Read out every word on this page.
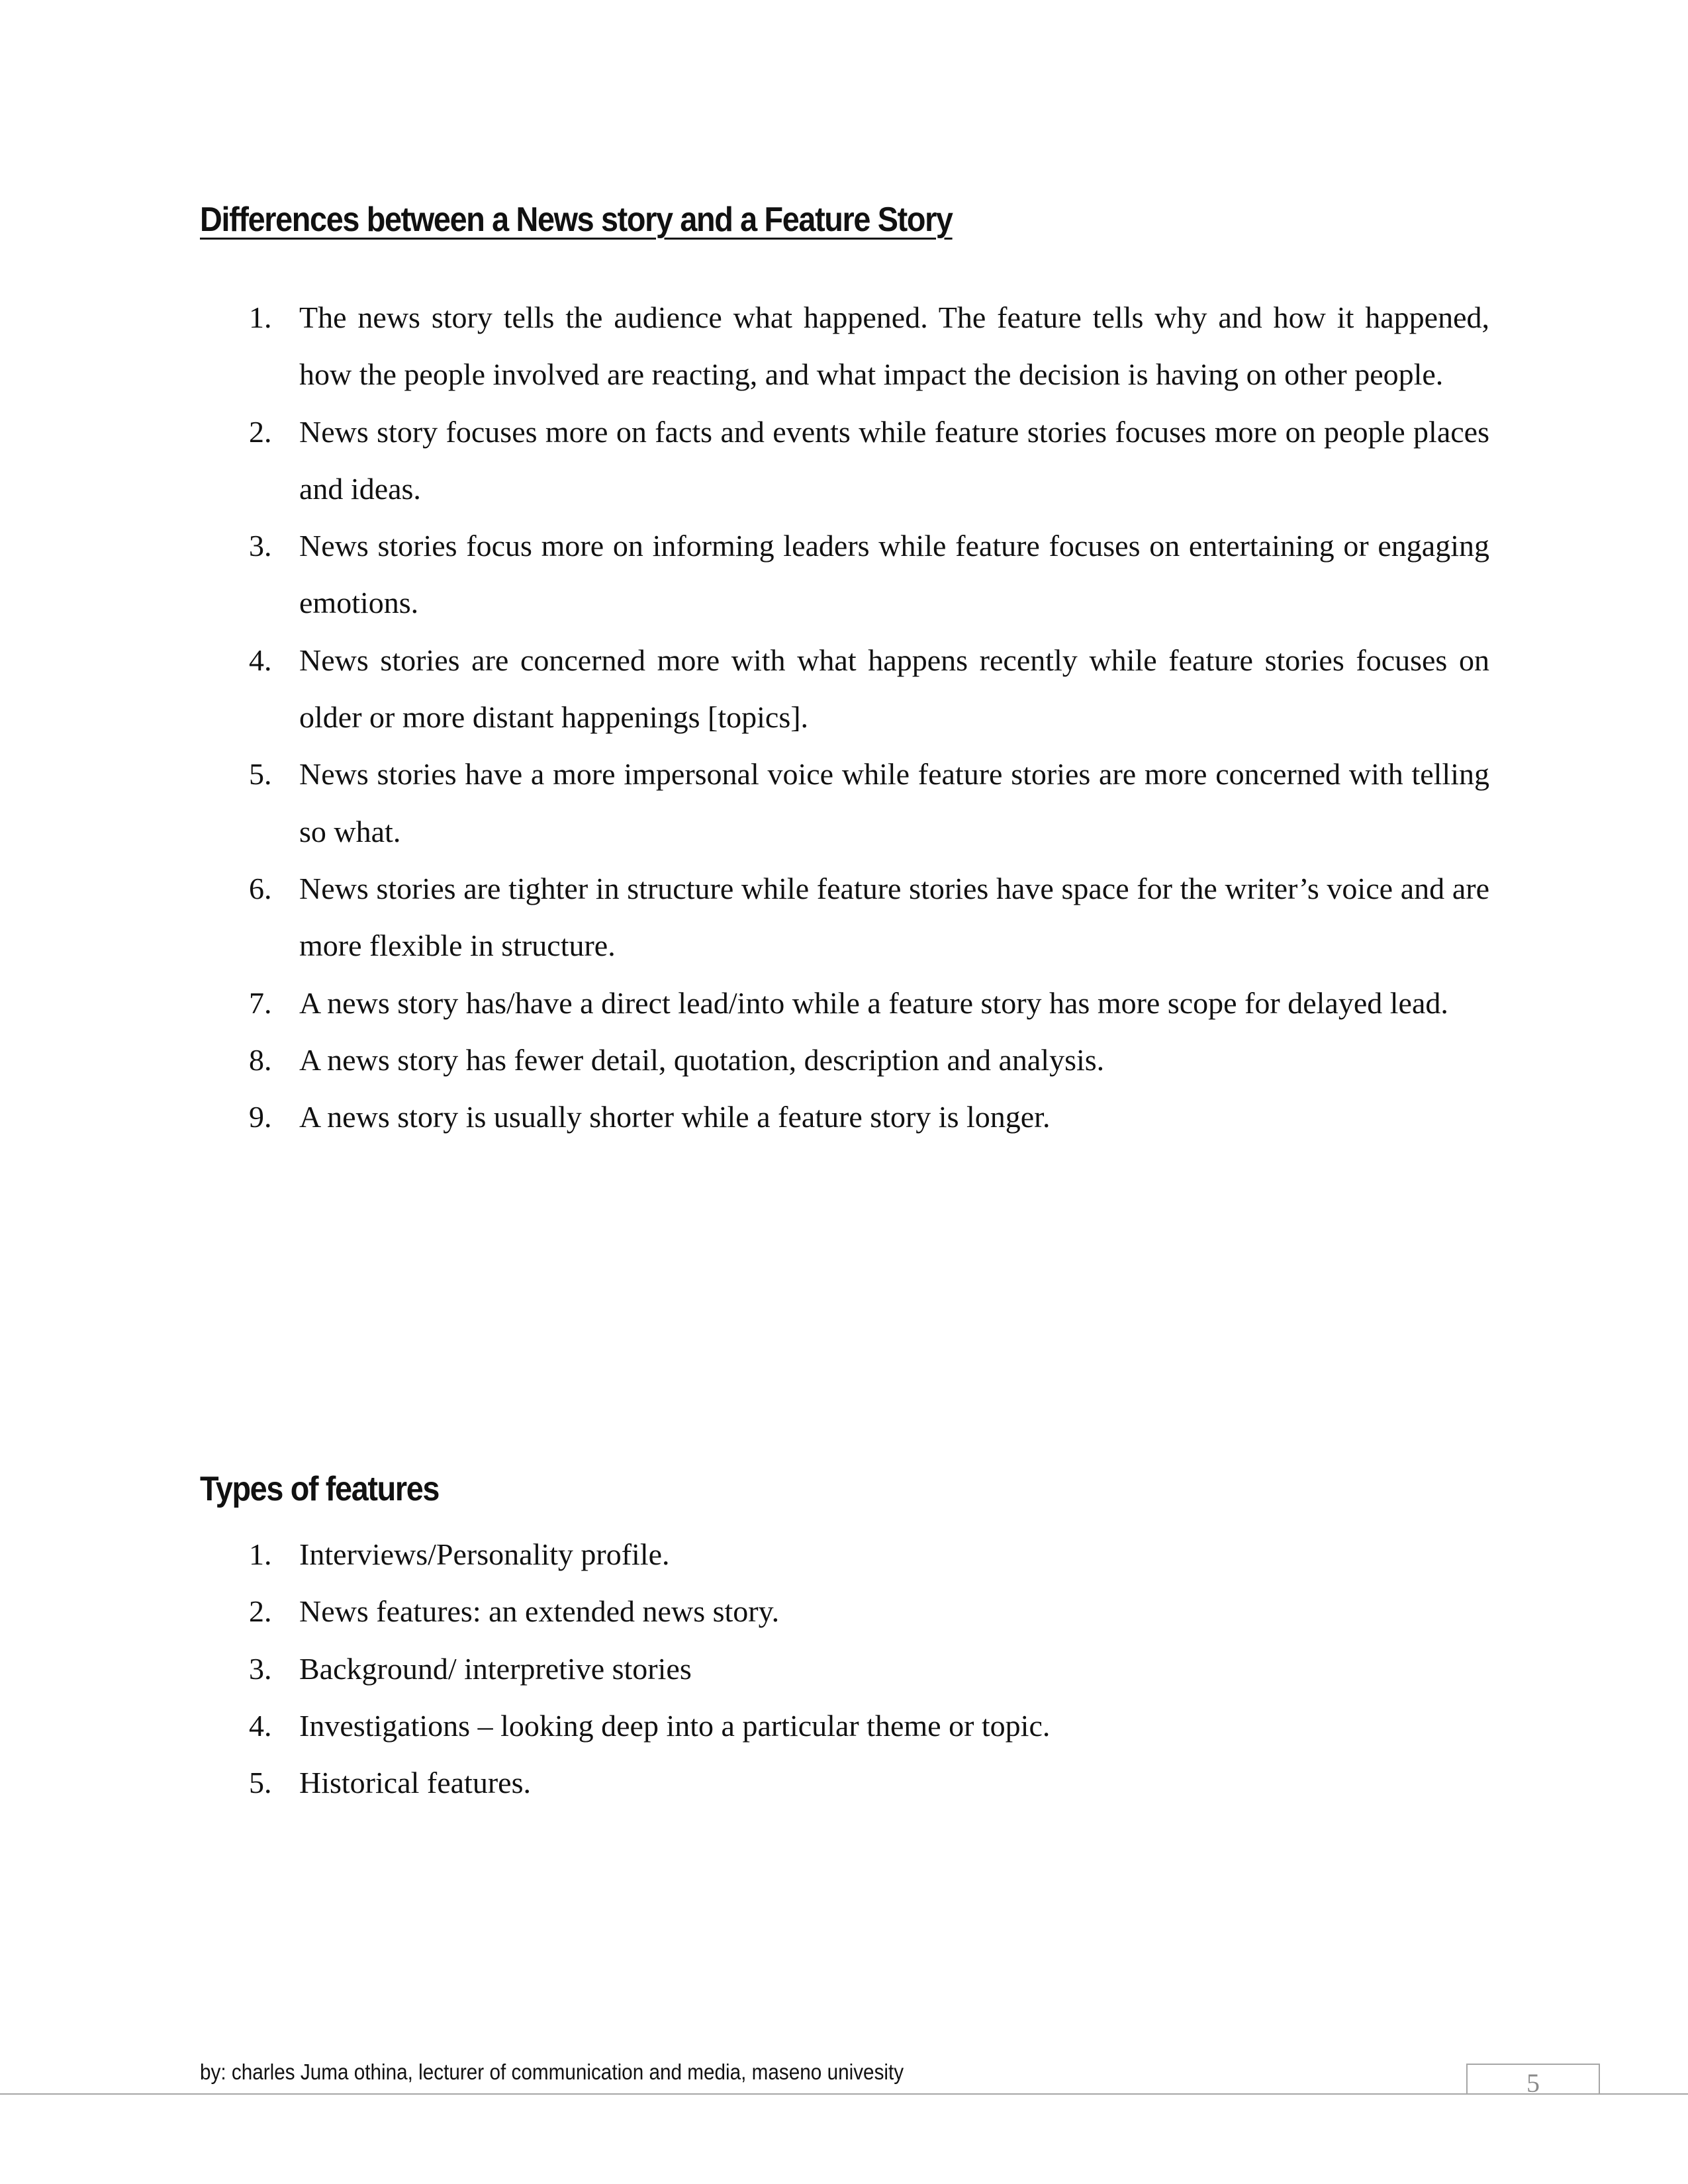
Differences between a News story and a Feature Story
1. The news story tells the audience what happened. The feature tells why and how it happened, how the people involved are reacting, and what impact the decision is having on other people.
2. News story focuses more on facts and events while feature stories focuses more on people places and ideas.
3. News stories focus more on informing leaders while feature focuses on entertaining or engaging emotions.
4. News stories are concerned more with what happens recently while feature stories focuses on older or more distant happenings [topics].
5. News stories have a more impersonal voice while feature stories are more concerned with telling so what.
6. News stories are tighter in structure while feature stories have space for the writer’s voice and are more flexible in structure.
7. A news story has/have a direct lead/into while a feature story has more scope for delayed lead.
8. A news story has fewer detail, quotation, description and analysis.
9. A news story is usually shorter while a feature story is longer.
Types of features
1. Interviews/Personality profile.
2. News features: an extended news story.
3. Background/ interpretive stories
4. Investigations – looking deep into a particular theme or topic.
5. Historical features.
by: charles Juma othina, lecturer of communication and media, maseno univesity	5
